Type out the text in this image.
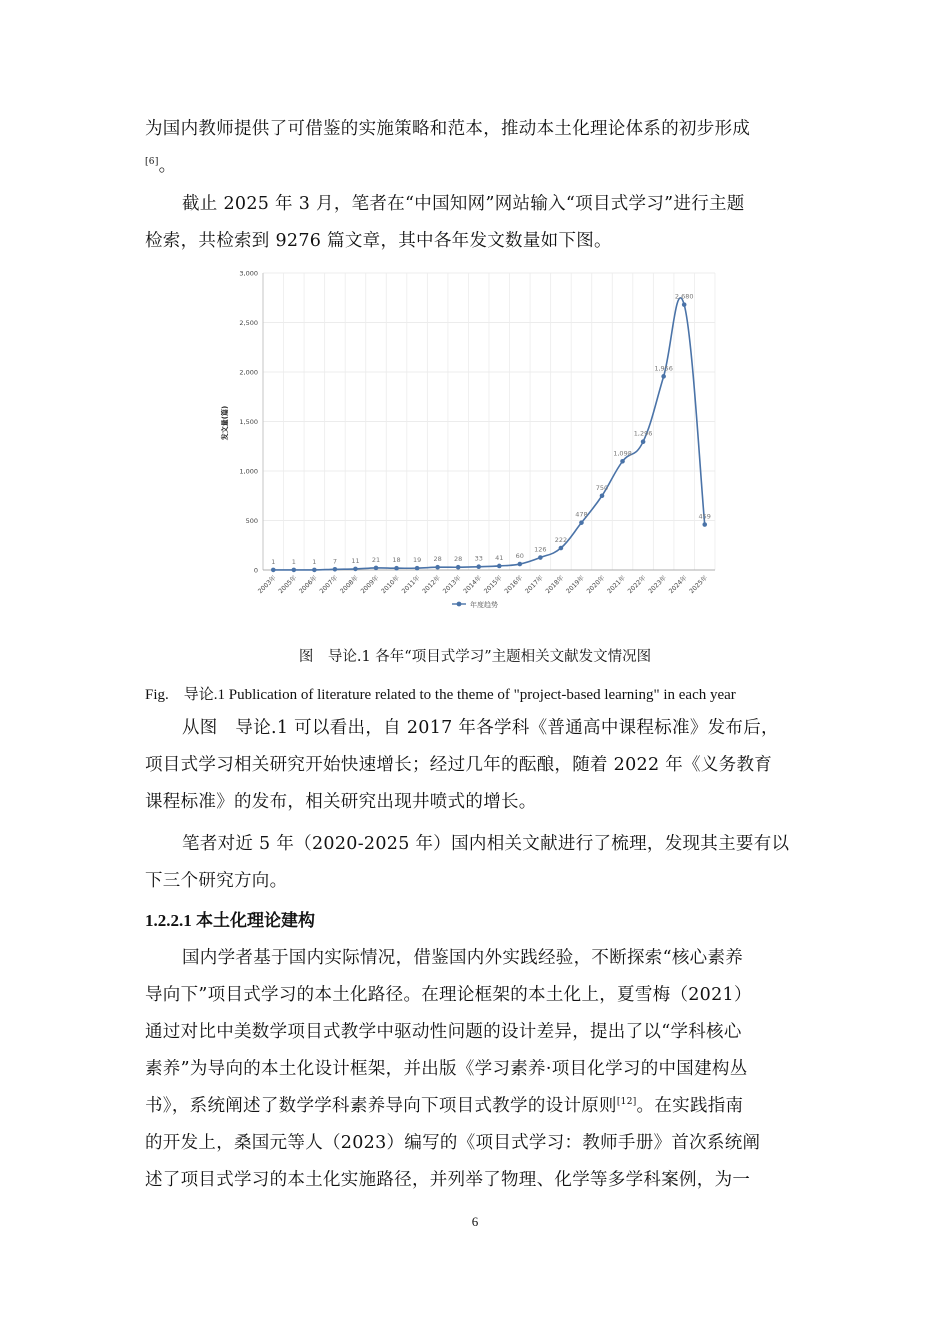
为国内教师提供了可借鉴的实施策略和范本，推动本土化理论体系的初步形成
[6]。

截止 2025 年 3 月，笔者在“中国知网”网站输入“项目式学习”进行主题
检索，共检索到 9276 篇文章，其中各年发文数量如下图。

0
500
1,000
1,500
2,000
2,500
3,000
2003年 2005年 2006年 2007年 2008年 2009年 2010年 2011年 2012年 2013年 2014年 2015年 2016年 2017年 2018年 2019年 2020年 2021年 2022年 2023年 2024年 2025年
1	1	1	7 11 21 18 19 28 28 33 41 60
126
222
478
750
1,098
1,296
1,956
2,680
459
发文量(篇)
年度趋势
图　导论.1 各年“项目式学习”主题相关文献发文情况图
Fig.　导论.1 Publication of literature related to the theme of "project-based learning" in each year

从图　导论.1 可以看出，自 2017 年各学科《普通高中课程标准》发布后，
项目式学习相关研究开始快速增长；经过几年的酝酿，随着 2022 年《义务教育
课程标准》的发布，相关研究出现井喷式的增长。

笔者对近 5 年（2020-2025 年）国内相关文献进行了梳理，发现其主要有以
下三个研究方向。

1.2.2.1 本土化理论建构

国内学者基于国内实际情况，借鉴国内外实践经验，不断探索“核心素养
导向下”项目式学习的本土化路径。在理论框架的本土化上，夏雪梅（2021）
通过对比中美数学项目式教学中驱动性问题的设计差异，提出了以“学科核心
素养”为导向的本土化设计框架，并出版《学习素养·项目化学习的中国建构丛
书》，系统阐述了数学学科素养导向下项目式教学的设计原则[12]。在实践指南
的开发上，桑国元等人（2023）编写的《项目式学习：教师手册》首次系统阐
述了项目式学习的本土化实施路径，并列举了物理、化学等多学科案例，为一

6
